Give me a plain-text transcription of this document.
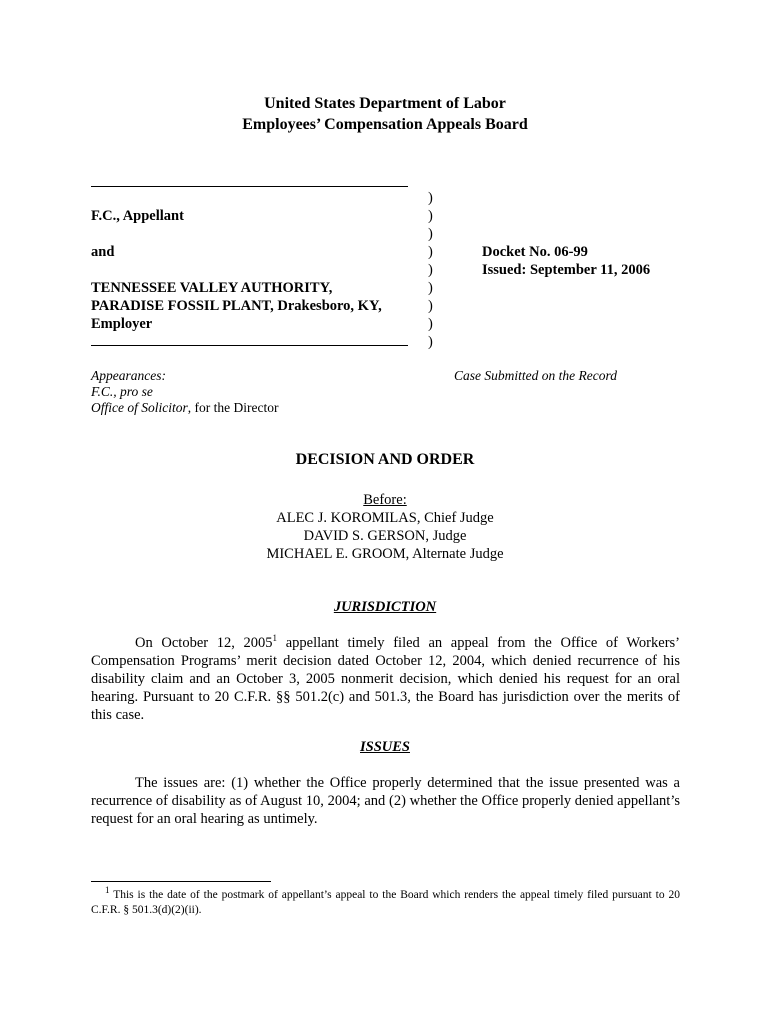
United States Department of Labor
Employees’ Compensation Appeals Board
F.C., Appellant
and
TENNESSEE VALLEY AUTHORITY,
PARADISE FOSSIL PLANT, Drakesboro, KY,
Employer
)
)
)
)
)
)
)
)
)
Docket No. 06-99
Issued: September 11, 2006
Appearances:
F.C., pro se
Office of Solicitor, for the Director
Case Submitted on the Record
DECISION AND ORDER
Before:
ALEC J. KOROMILAS, Chief Judge
DAVID S. GERSON, Judge
MICHAEL E. GROOM, Alternate Judge
JURISDICTION
On October 12, 2005$^1$ appellant timely filed an appeal from the Office of Workers’ Compensation Programs’ merit decision dated October 12, 2004, which denied recurrence of his disability claim and an October 3, 2005 nonmerit decision, which denied his request for an oral hearing. Pursuant to 20 C.F.R. §§ 501.2(c) and 501.3, the Board has jurisdiction over the merits of this case.
ISSUES
The issues are: (1) whether the Office properly determined that the issue presented was a recurrence of disability as of August 10, 2004; and (2) whether the Office properly denied appellant’s request for an oral hearing as untimely.
$^1$ This is the date of the postmark of appellant’s appeal to the Board which renders the appeal timely filed pursuant to 20 C.F.R. § 501.3(d)(2)(ii).
